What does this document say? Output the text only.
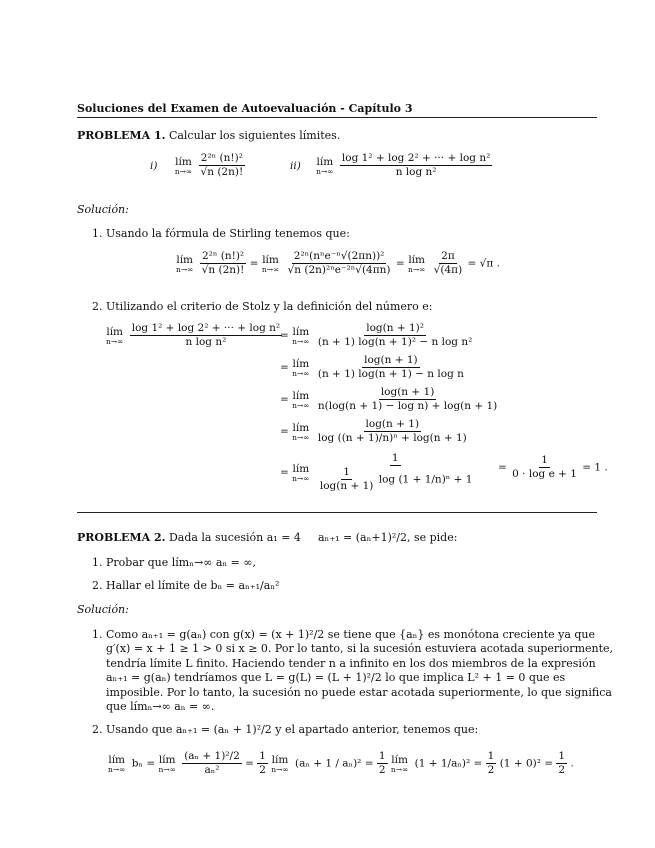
Soluciones del Examen de Autoevaluación - Capítulo 3
PROBLEMA 1. Calcular los siguientes límites.
i) lím
n→∞
$\frac{\text{2²ⁿ (n!)²}}{√n (2n)!}$	ii) lím
n→∞
$\frac{\text{log 1² + log 2² + ··· + log n²}}{\text{n log n²}}$
Solución:
1. Usando la fórmula de Stirling tenemos que:
lím
n→∞
$\frac{\text{2²ⁿ (n!)²}}{√n (2n)!}$ = lím
n→∞
$\frac{\text{2²ⁿ(nⁿe⁻ⁿ√(2πn))²}}{\text{√n (2n)²ⁿe⁻²ⁿ√(4πn)}}$ = lím
n→∞
$\frac{2\pi}{√(4\pi)} = √\pi$ .
2. Utilizando el criterio de Stolz y la definición del número e:
lím
n→∞
$\frac{\text{log 1² + log 2² + ··· + log n²}}{\text{n log n²}}$
= lím
n→∞
$\frac{\text{log(n + 1)²}}{\text{(n + 1) log(n + 1)² − n log n²}}$
= lím
n→∞
$\frac{\log(n + 1)}{\text{(n + 1) log(n + 1) − n log n}}$
= lím
n→∞
$\frac{\log(n + 1)}{\text{n(log(n + 1) − log n) + log(n + 1)}}$
= lím
n→∞
$\frac{\log(n + 1)}{\text{log ((n + 1)/n)ⁿ + log(n + 1)}}$
= lím
n→∞
$\frac{1}{\frac{1}{\log(n + 1)} \log (1 + 1/n)^n + 1} = \frac{1}{\text{0 · log e + 1}} = 1$ .
PROBLEMA 2. Dada la sucesión a₁ = 4 aₙ₊₁ = (aₙ+1)²/2, se pide:
1. Probar que límₙ→∞ aₙ = ∞,
2. Hallar el límite de bₙ = aₙ₊₁/aₙ²
Solución:
1. Como aₙ₊₁ = g(aₙ) con g(x) = (x + 1)²/2 se tiene que {aₙ} es monótona creciente ya que
g′(x) = x + 1 ≥ 1 > 0 si x ≥ 0. Por lo tanto, si la sucesión estuviera acotada superiormente,
tendría límite L finito. Haciendo tender n a infinito en los dos miembros de la expresión
aₙ₊₁ = g(aₙ) tendríamos que L = g(L) = (L + 1)²/2 lo que implica L² + 1 = 0 que es
imposible. Por lo tanto, la sucesión no puede estar acotada superiormente, lo que significa
que límₙ→∞ aₙ = ∞.
2. Usando que aₙ₊₁ = (aₙ + 1)²/2 y el apartado anterior, tenemos que:
lím
n→∞ bₙ = lím
n→∞
$\frac{\text{(aₙ + 1)²/2}}{\text{aₙ²}} = \frac{1}{2}$
lím
n→∞ $(a_n + 1 / a_n)^2 = \frac{1}{2}$
lím
n→∞ $(1 + 1/a_n)^2 = \frac{1}{2} (1 + 0)^2 = \frac{1}{2}$ .
